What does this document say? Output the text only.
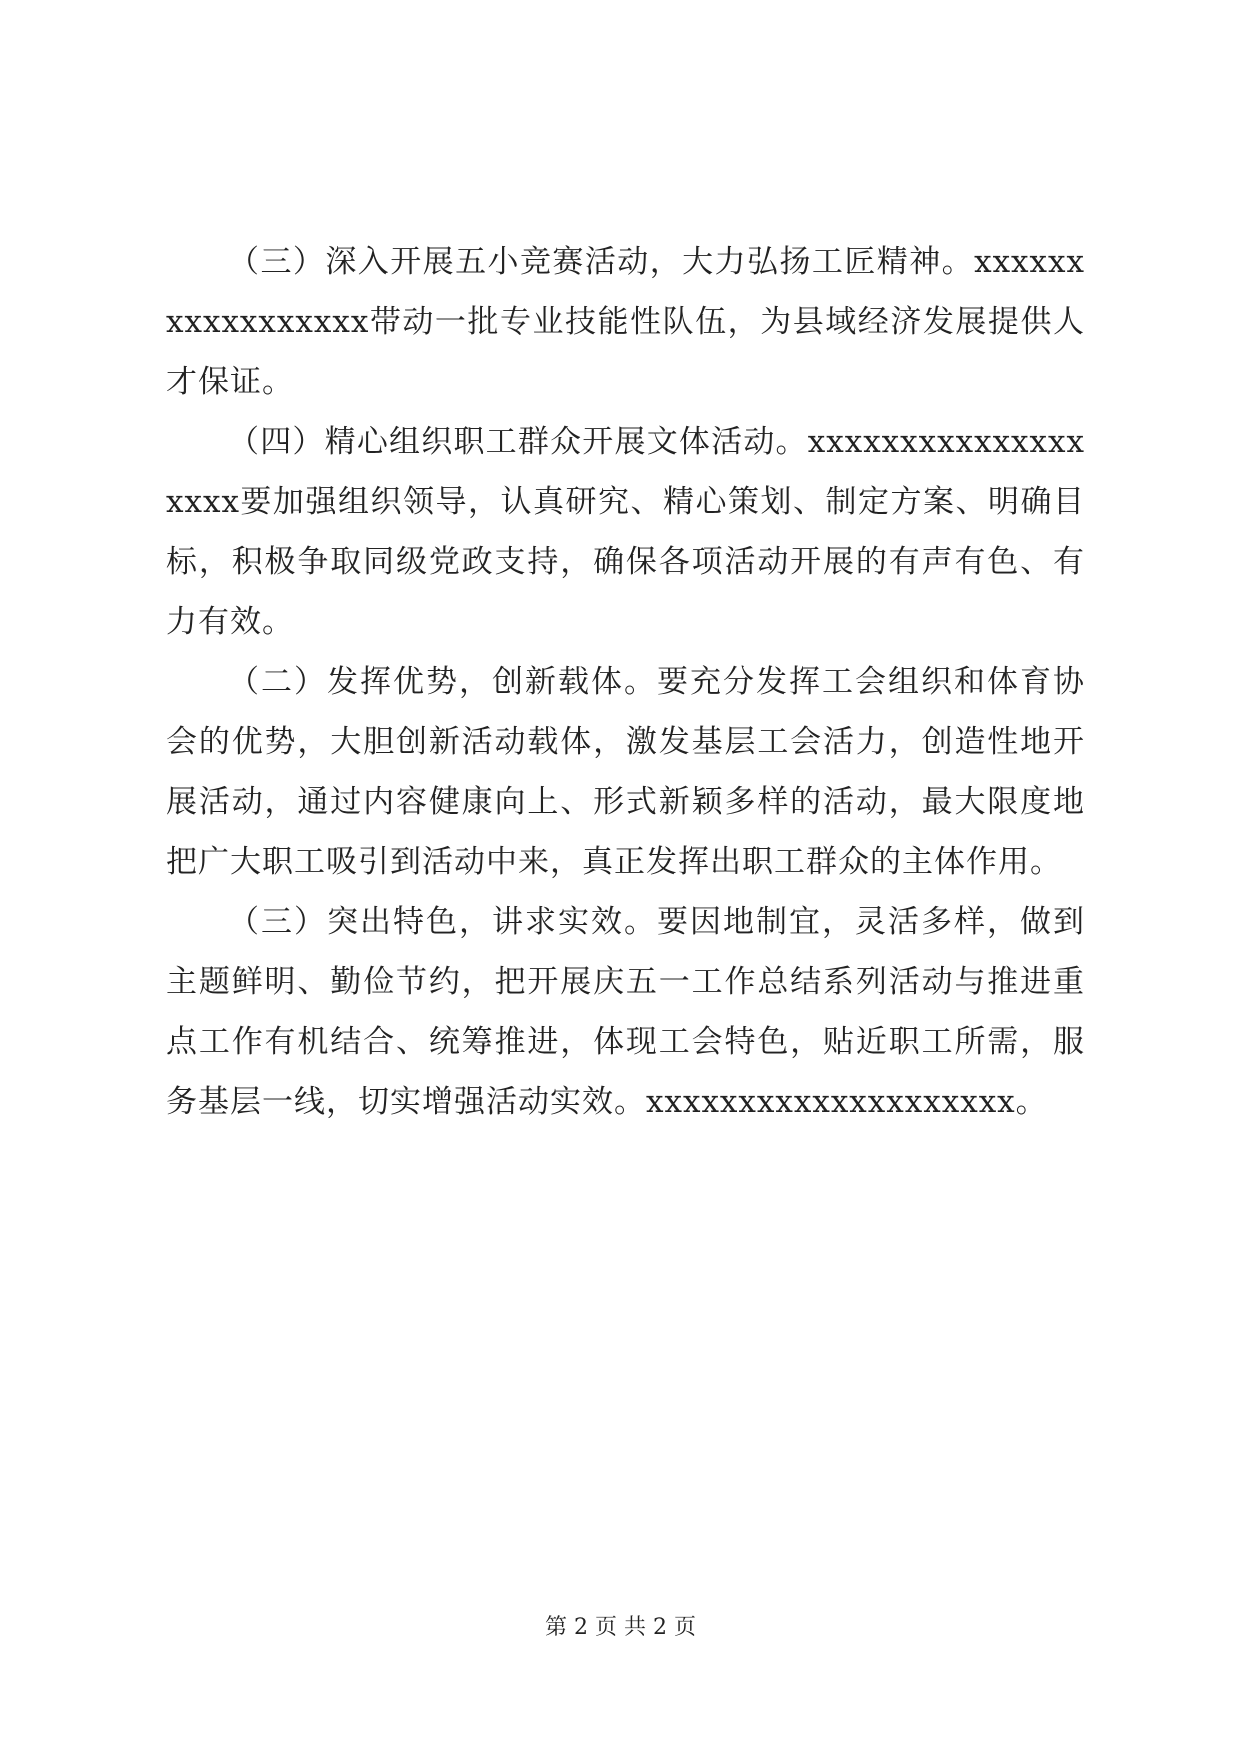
（三）深入开展五小竞赛活动，大力弘扬工匠精神。xxxxxxxxxxxxxxxxx带动一批专业技能性队伍，为县域经济发展提供人才保证。

（四）精心组织职工群众开展文体活动。xxxxxxxxxxxxxxxxxxx要加强组织领导，认真研究、精心策划、制定方案、明确目标，积极争取同级党政支持，确保各项活动开展的有声有色、有力有效。

（二）发挥优势，创新载体。要充分发挥工会组织和体育协会的优势，大胆创新活动载体，激发基层工会活力，创造性地开展活动，通过内容健康向上、形式新颖多样的活动，最大限度地把广大职工吸引到活动中来，真正发挥出职工群众的主体作用。

（三）突出特色，讲求实效。要因地制宜，灵活多样，做到主题鲜明、勤俭节约，把开展庆五一工作总结系列活动与推进重点工作有机结合、统筹推进，体现工会特色，贴近职工所需，服务基层一线，切实增强活动实效。xxxxxxxxxxxxxxxxxxxx。

第 2 页 共 2 页
